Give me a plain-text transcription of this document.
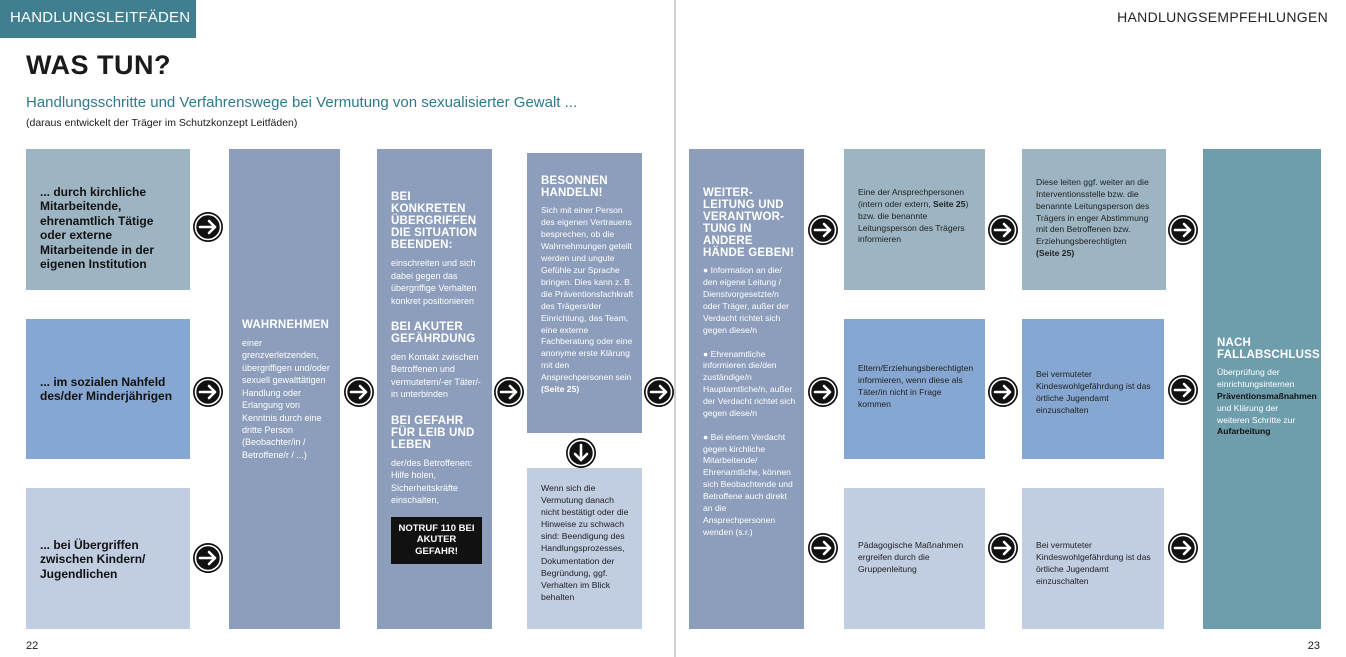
HANDLUNGSLEITFÄDEN	HANDLUNGSEMPFEHLUNGEN
WAS TUN?
Handlungsschritte und Verfahrenswege bei Vermutung von sexualisierter Gewalt ...
(daraus entwickelt der Träger im Schutzkonzept Leitfäden)
... durch kirchliche Mitarbeitende, ehrenamtlich Tätige oder externe Mitarbeitende in der eigenen Institution
... im sozialen Nahfeld des/der Minderjährigen
... bei Übergriffen zwischen Kindern/ Jugendlichen
WAHRNEHMEN
einer grenzverletzenden, übergriffigen und/oder sexuell gewalttätigen Handlung oder Erlangung von Kenntnis durch eine dritte Person (Beobachter/in / Betroffene/r / ...)
BEI KONKRETEN ÜBERGRIFFEN DIE SITUATION BEENDEN:
einschreiten und sich dabei gegen das übergriffige Verhalten konkret positionieren
BEI AKUTER GEFÄHRDUNG
den Kontakt zwischen Betroffenen und vermutetem/-er Täter/-in unterbinden
BEI GEFAHR FÜR LEIB UND LEBEN
der/des Betroffenen: Hilfe holen, Sicherheitskräfte einschalten,
NOTRUF 110 BEI AKUTER GEFAHR!
BESONNEN HANDELN!
Sich mit einer Person des eigenen Vertrauens besprechen, ob die Wahrnehmungen geteilt werden und ungute Gefühle zur Sprache bringen. Dies kann z. B. die Präventionsfachkraft des Trägers/der Einrichtung, das Team, eine externe Fachberatung oder eine anonyme erste Klärung mit den Ansprechpersonen sein (Seite 25)
Wenn sich die Vermutung danach nicht bestätigt oder die Hinweise zu schwach sind: Beendigung des Handlungsprozesses, Dokumentation der Begründung, ggf. Verhalten im Blick behalten
WEITER-LEITUNG UND VERANTWOR-TUNG IN ANDERE HÄNDE GEBEN!
● Information an die/ den eigene Leitung / Dienstvorgesetzte/n oder Träger, außer der Verdacht richtet sich gegen diese/n
● Ehrenamtliche informieren die/den zuständige/n Hauptamtliche/n, außer der Verdacht richtet sich gegen diese/n
● Bei einem Verdacht gegen kirchliche Mitarbeitende/ Ehrenamtliche, können sich Beobachtende und Betroffene auch direkt an die Ansprechpersonen wenden (s.r.)
Eine der Ansprechpersonen (intern oder extern, Seite 25) bzw. die benannte Leitungsperson des Trägers informieren
Eltern/Erziehungsberechtigten informieren, wenn diese als Täter/in nicht in Frage kommen
Pädagogische Maßnahmen ergreifen durch die Gruppenleitung
Diese leiten ggf. weiter an die Interventionsstelle bzw. die benannte Leitungsperson des Trägers in enger Abstimmung mit den Betroffenen bzw. Erziehungsberechtigten
(Seite 25)
Bei vermuteter Kindeswohlgefährdung ist das örtliche Jugendamt einzuschalten
Bei vermuteter Kindeswohlgefährdung ist das örtliche Jugendamt einzuschalten
NACH FALLABSCHLUSS:
Überprüfung der einrichtungsinternen Präventionsmaßnahmen und Klärung der weiteren Schritte zur Aufarbeitung
22	23
